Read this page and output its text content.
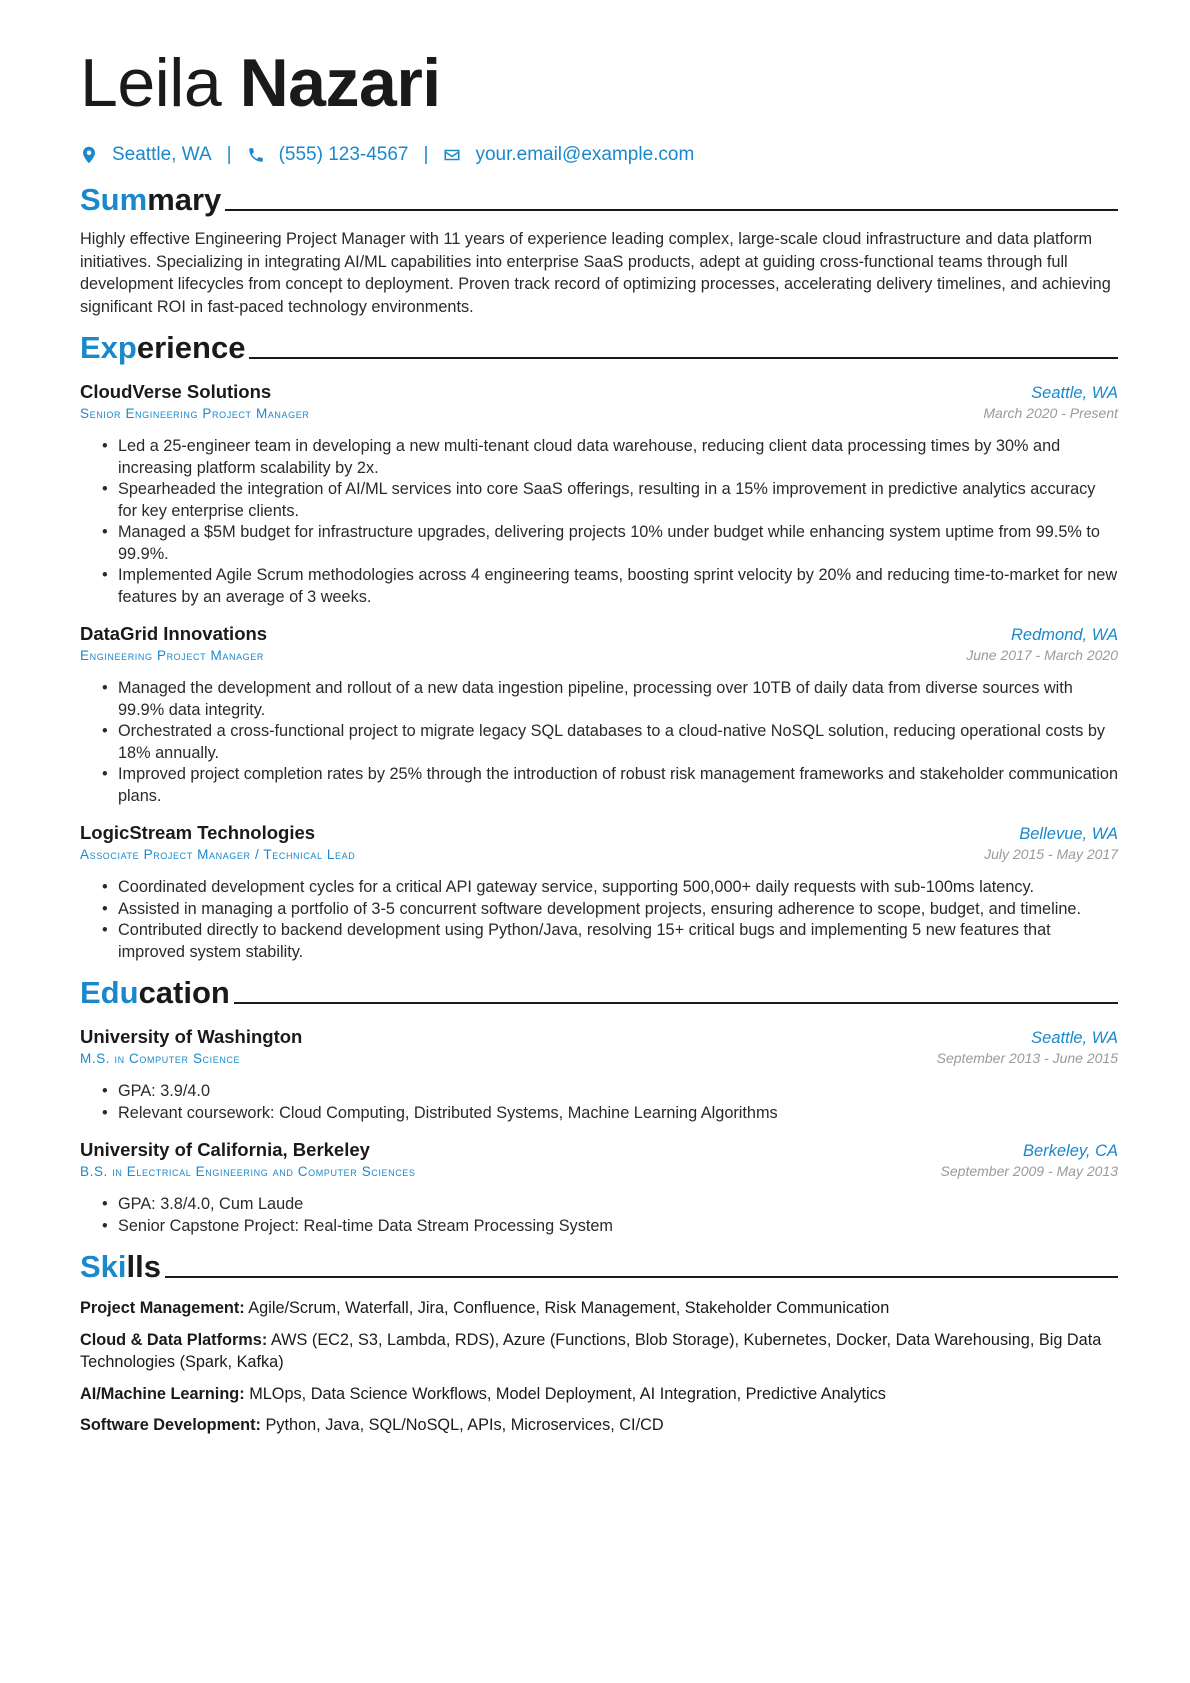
Leila Nazari
Seattle, WA | (555) 123-4567 | your.email@example.com
Summary

Highly effective Engineering Project Manager with 11 years of experience leading complex, large-scale cloud infrastructure and data platform initiatives. Specializing in integrating AI/ML capabilities into enterprise SaaS products, adept at guiding cross-functional teams through full development lifecycles from concept to deployment. Proven track record of optimizing processes, accelerating delivery timelines, and achieving significant ROI in fast-paced technology environments.

Experience
CloudVerse Solutions	Seattle, WA
Senior Engineering Project Manager	March 2020 - Present
• Led a 25-engineer team in developing a new multi-tenant cloud data warehouse, reducing client data processing times by 30% and increasing platform scalability by 2x.
• Spearheaded the integration of AI/ML services into core SaaS offerings, resulting in a 15% improvement in predictive analytics accuracy for key enterprise clients.
• Managed a $5M budget for infrastructure upgrades, delivering projects 10% under budget while enhancing system uptime from 99.5% to 99.9%.
• Implemented Agile Scrum methodologies across 4 engineering teams, boosting sprint velocity by 20% and reducing time-to-market for new features by an average of 3 weeks.
DataGrid Innovations	Redmond, WA
Engineering Project Manager	June 2017 - March 2020
• Managed the development and rollout of a new data ingestion pipeline, processing over 10TB of daily data from diverse sources with 99.9% data integrity.
• Orchestrated a cross-functional project to migrate legacy SQL databases to a cloud-native NoSQL solution, reducing operational costs by 18% annually.
• Improved project completion rates by 25% through the introduction of robust risk management frameworks and stakeholder communication plans.
LogicStream Technologies	Bellevue, WA
Associate Project Manager / Technical Lead	July 2015 - May 2017
• Coordinated development cycles for a critical API gateway service, supporting 500,000+ daily requests with sub-100ms latency.
• Assisted in managing a portfolio of 3-5 concurrent software development projects, ensuring adherence to scope, budget, and timeline.
• Contributed directly to backend development using Python/Java, resolving 15+ critical bugs and implementing 5 new features that improved system stability.
Education
University of Washington	Seattle, WA
M.S. in Computer Science	September 2013 - June 2015
• GPA: 3.9/4.0
• Relevant coursework: Cloud Computing, Distributed Systems, Machine Learning Algorithms
University of California, Berkeley	Berkeley, CA
B.S. in Electrical Engineering and Computer Sciences	September 2009 - May 2013
• GPA: 3.8/4.0, Cum Laude
• Senior Capstone Project: Real-time Data Stream Processing System
Skills

Project Management: Agile/Scrum, Waterfall, Jira, Confluence, Risk Management, Stakeholder Communication

Cloud & Data Platforms: AWS (EC2, S3, Lambda, RDS), Azure (Functions, Blob Storage), Kubernetes, Docker, Data Warehousing, Big Data Technologies (Spark, Kafka)

AI/Machine Learning: MLOps, Data Science Workflows, Model Deployment, AI Integration, Predictive Analytics

Software Development: Python, Java, SQL/NoSQL, APIs, Microservices, CI/CD
